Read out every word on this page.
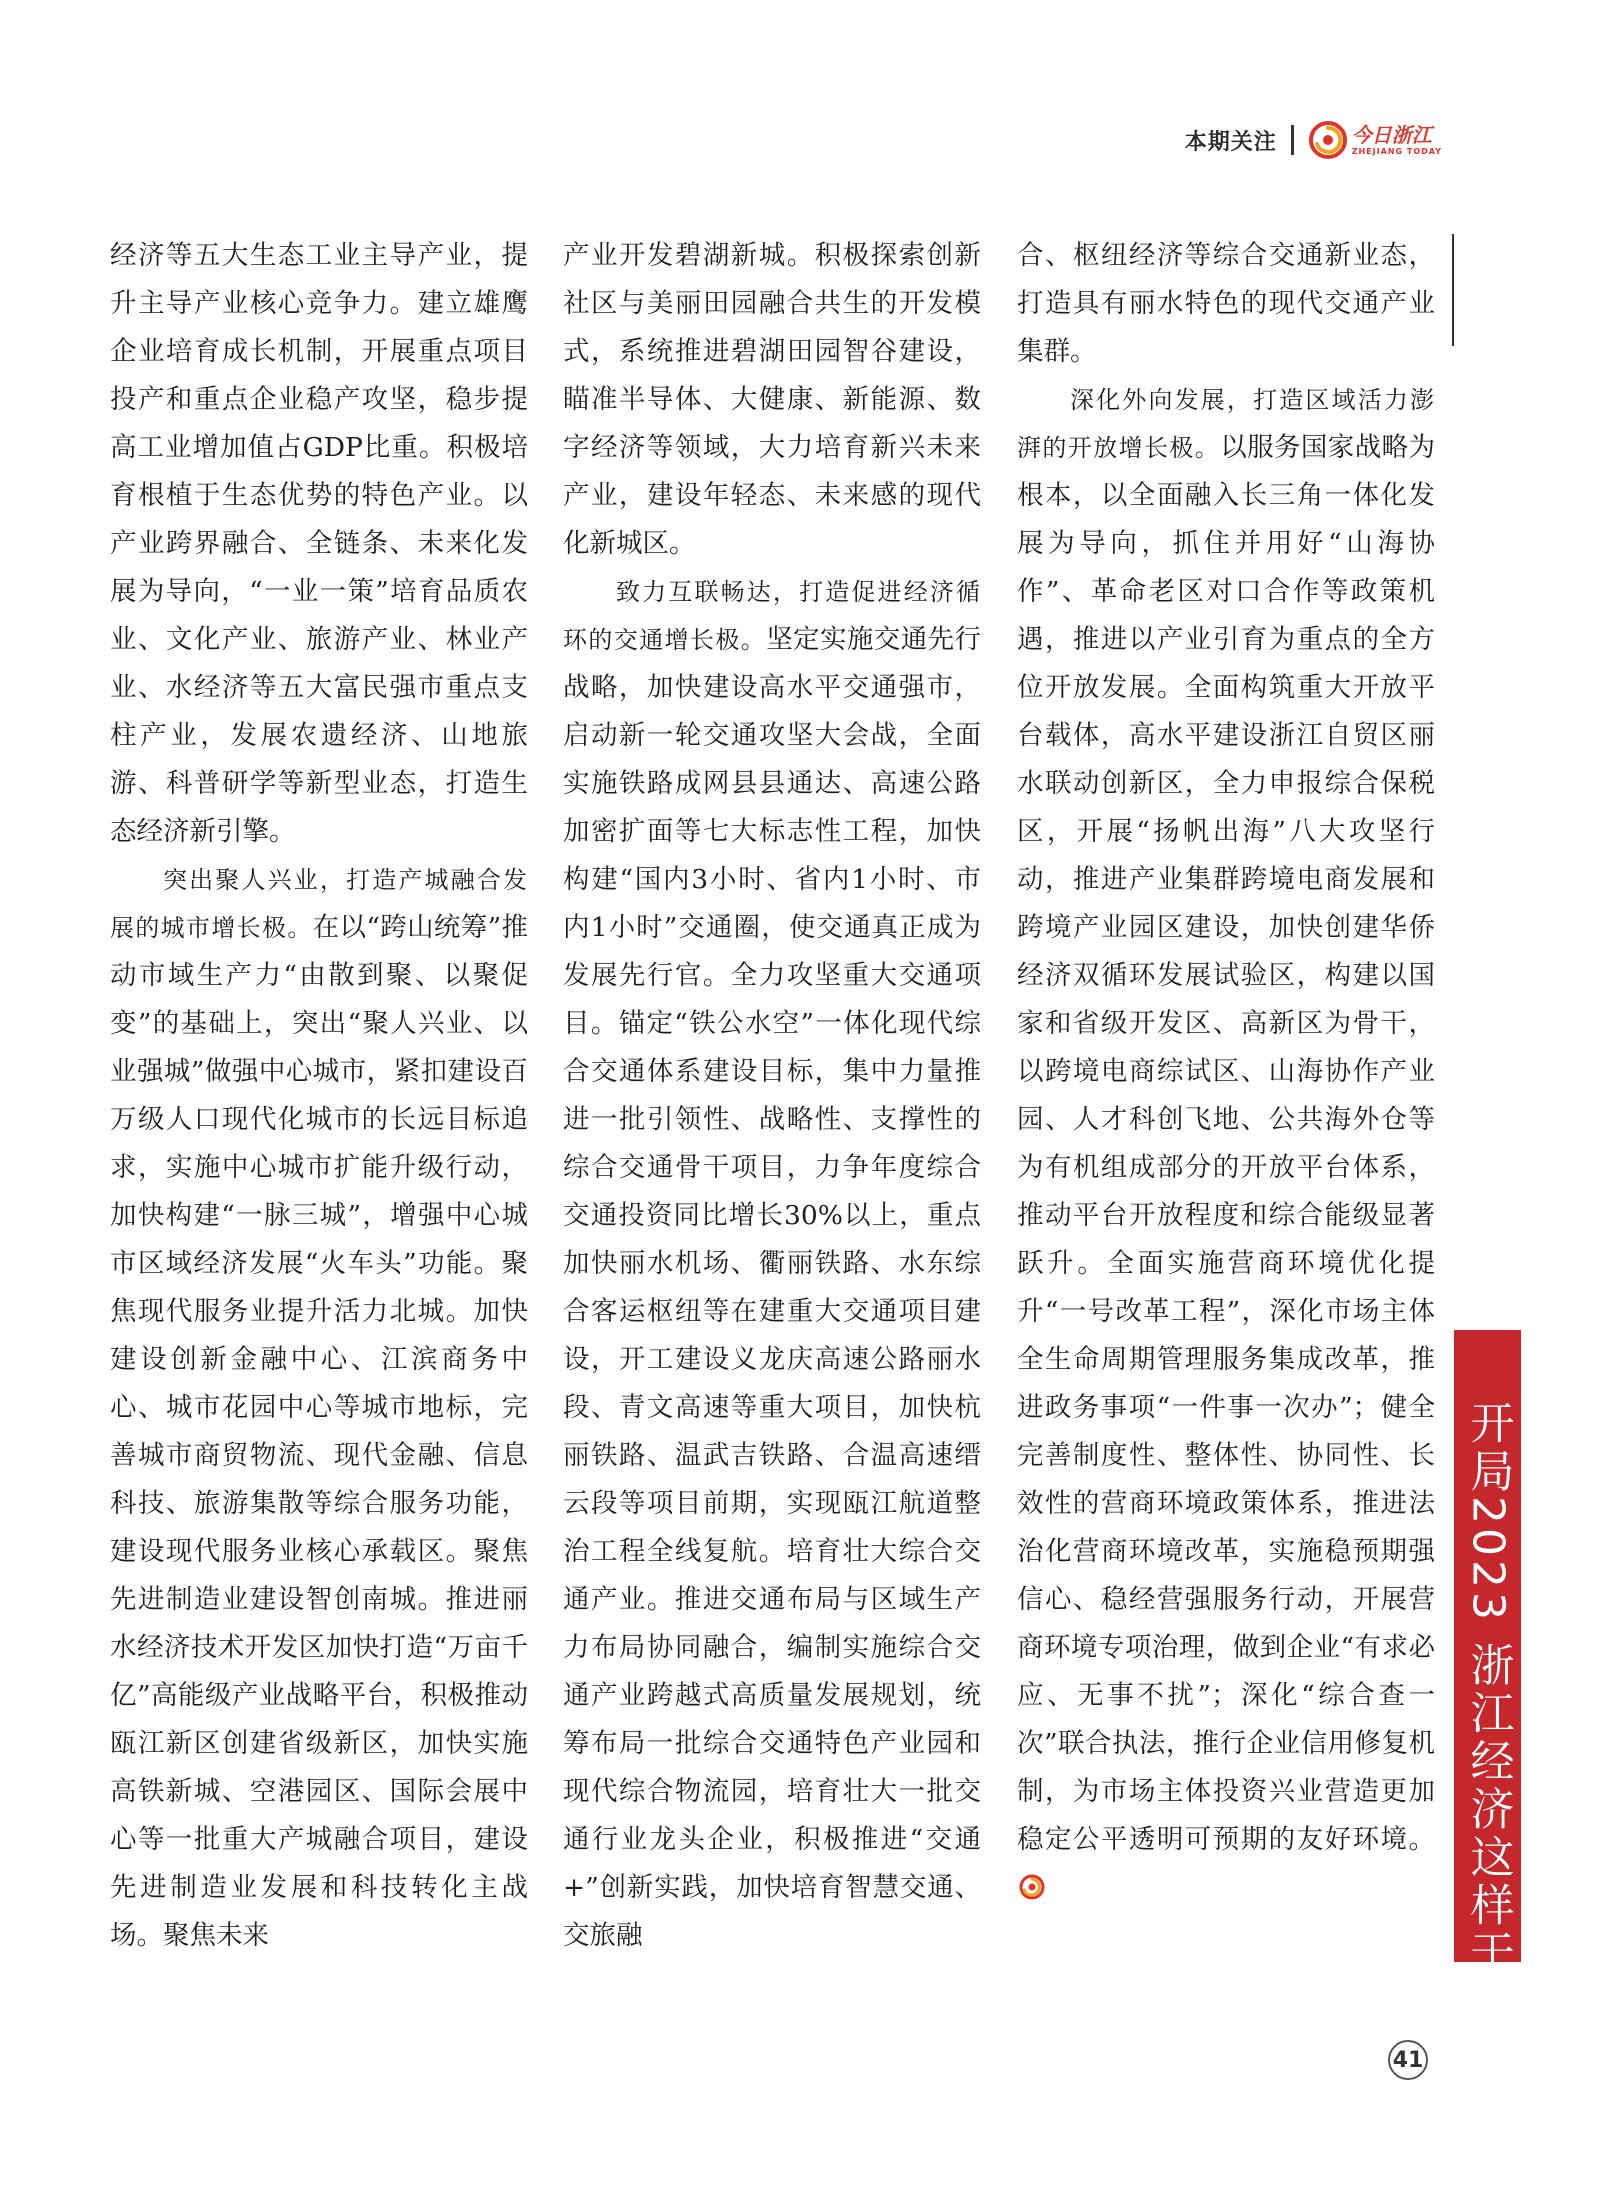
本期关注	今日浙江
ZHEJIANG TODAY

经济等五大生态工业主导产业，提升主导产业核心竞争力。建立雄鹰企业培育成长机制，开展重点项目投产和重点企业稳产攻坚，稳步提高工业增加值占GDP比重。积极培育根植于生态优势的特色产业。以产业跨界融合、全链条、未来化发展为导向，“一业一策”培育品质农业、文化产业、旅游产业、林业产业、水经济等五大富民强市重点支柱产业，发展农遗经济、山地旅游、科普研学等新型业态，打造生态经济新引擎。

突出聚人兴业，打造产城融合发展的城市增长极。在以“跨山统筹”推动市域生产力“由散到聚、以聚促变”的基础上，突出“聚人兴业、以业强城”做强中心城市，紧扣建设百万级人口现代化城市的长远目标追求，实施中心城市扩能升级行动，加快构建“一脉三城”，增强中心城市区域经济发展“火车头”功能。聚焦现代服务业提升活力北城。加快建设创新金融中心、江滨商务中心、城市花园中心等城市地标，完善城市商贸物流、现代金融、信息科技、旅游集散等综合服务功能，建设现代服务业核心承载区。聚焦先进制造业建设智创南城。推进丽水经济技术开发区加快打造“万亩千亿”高能级产业战略平台，积极推动瓯江新区创建省级新区，加快实施高铁新城、空港园区、国际会展中心等一批重大产城融合项目，建设先进制造业发展和科技转化主战场。聚焦未来

产业开发碧湖新城。积极探索创新社区与美丽田园融合共生的开发模式，系统推进碧湖田园智谷建设，瞄准半导体、大健康、新能源、数字经济等领域，大力培育新兴未来产业，建设年轻态、未来感的现代化新城区。

致力互联畅达，打造促进经济循环的交通增长极。坚定实施交通先行战略，加快建设高水平交通强市，启动新一轮交通攻坚大会战，全面实施铁路成网县县通达、高速公路加密扩面等七大标志性工程，加快构建“国内3小时、省内1小时、市内1小时”交通圈，使交通真正成为发展先行官。全力攻坚重大交通项目。锚定“铁公水空”一体化现代综合交通体系建设目标，集中力量推进一批引领性、战略性、支撑性的综合交通骨干项目，力争年度综合交通投资同比增长30%以上，重点加快丽水机场、衢丽铁路、水东综合客运枢纽等在建重大交通项目建设，开工建设义龙庆高速公路丽水段、青文高速等重大项目，加快杭丽铁路、温武吉铁路、合温高速缙云段等项目前期，实现瓯江航道整治工程全线复航。培育壮大综合交通产业。推进交通布局与区域生产力布局协同融合，编制实施综合交通产业跨越式高质量发展规划，统筹布局一批综合交通特色产业园和现代综合物流园，培育壮大一批交通行业龙头企业，积极推进“交通+”创新实践，加快培育智慧交通、交旅融

合、枢纽经济等综合交通新业态，打造具有丽水特色的现代交通产业集群。

深化外向发展，打造区域活力澎湃的开放增长极。以服务国家战略为根本，以全面融入长三角一体化发展为导向，抓住并用好“山海协作”、革命老区对口合作等政策机遇，推进以产业引育为重点的全方位开放发展。全面构筑重大开放平台载体，高水平建设浙江自贸区丽水联动创新区，全力申报综合保税区，开展“扬帆出海”八大攻坚行动，推进产业集群跨境电商发展和跨境产业园区建设，加快创建华侨经济双循环发展试验区，构建以国家和省级开发区、高新区为骨干，以跨境电商综试区、山海协作产业园、人才科创飞地、公共海外仓等为有机组成部分的开放平台体系，推动平台开放程度和综合能级显著跃升。全面实施营商环境优化提升“一号改革工程”，深化市场主体全生命周期管理服务集成改革，推进政务事项“一件事一次办”；健全完善制度性、整体性、协同性、长效性的营商环境政策体系，推进法治化营商环境改革，实施稳预期强信心、稳经营强服务行动，开展营商环境专项治理，做到企业“有求必应、无事不扰”；深化“综合查一次”联合执法，推行企业信用修复机制，为市场主体投资兴业营造更加稳定公平透明可预期的友好环境。 开局2023 浙江经济这样干
41
